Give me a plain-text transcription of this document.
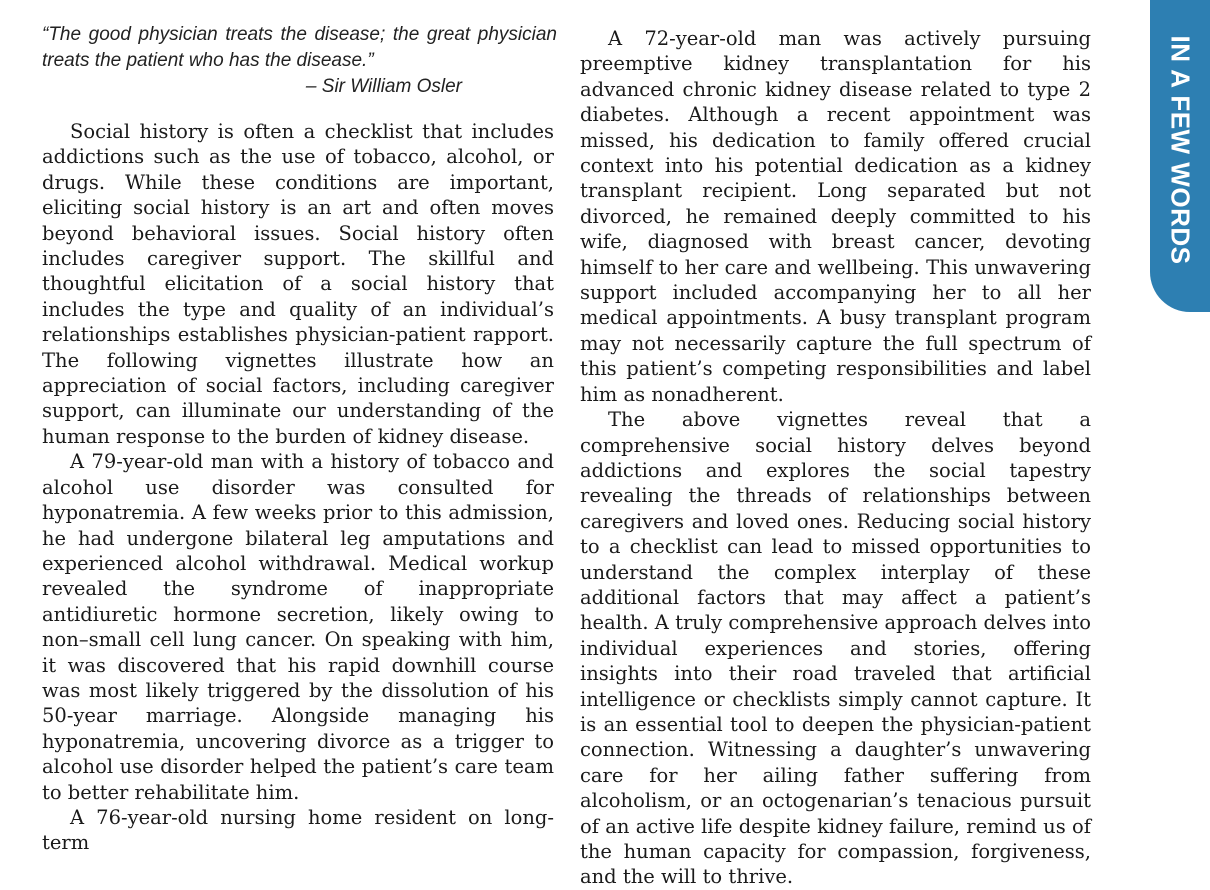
“The good physician treats the disease; the great physician treats the patient who has the disease.”

– Sir William Osler

Social history is often a checklist that includes addictions such as the use of tobacco, alcohol, or drugs. While these conditions are important, eliciting social history is an art and often moves beyond behavioral issues. Social history often includes caregiver support. The skillful and thoughtful elicitation of a social history that includes the type and quality of an individual’s relationships establishes physician-patient rapport. The following vignettes illustrate how an appreciation of social factors, including caregiver support, can illuminate our understanding of the human response to the burden of kidney disease.

A 79-year-old man with a history of tobacco and alcohol use disorder was consulted for hyponatremia. A few weeks prior to this admission, he had undergone bilateral leg amputations and experienced alcohol withdrawal. Medical workup revealed the syndrome of inappropriate antidiuretic hormone secretion, likely owing to non–small cell lung cancer. On speaking with him, it was discovered that his rapid downhill course was most likely triggered by the dissolution of his 50-year marriage. Alongside managing his hyponatremia, uncovering divorce as a trigger to alcohol use disorder helped the patient’s care team to better rehabilitate him.

A 76-year-old nursing home resident on long-term

A 72-year-old man was actively pursuing preemptive kidney transplantation for his advanced chronic kidney disease related to type 2 diabetes. Although a recent appointment was missed, his dedication to family offered crucial context into his potential dedication as a kidney transplant recipient. Long separated but not divorced, he remained deeply committed to his wife, diagnosed with breast cancer, devoting himself to her care and wellbeing. This unwavering support included accompanying her to all her medical appointments. A busy transplant program may not necessarily capture the full spectrum of this patient’s competing responsibilities and label him as nonadherent.

The above vignettes reveal that a comprehensive social history delves beyond addictions and explores the social tapestry revealing the threads of relationships between caregivers and loved ones. Reducing social history to a checklist can lead to missed opportunities to understand the complex interplay of these additional factors that may affect a patient’s health. A truly comprehensive approach delves into individual experiences and stories, offering insights into their road traveled that artificial intelligence or checklists simply cannot capture. It is an essential tool to deepen the physician-patient connection. Witnessing a daughter’s unwavering care for her ailing father suffering from alcoholism, or an octogenarian’s tenacious pursuit of an active life despite kidney failure, remind us of the human capacity for compassion, forgiveness, and the will to thrive.

IN A FEW WORDS
